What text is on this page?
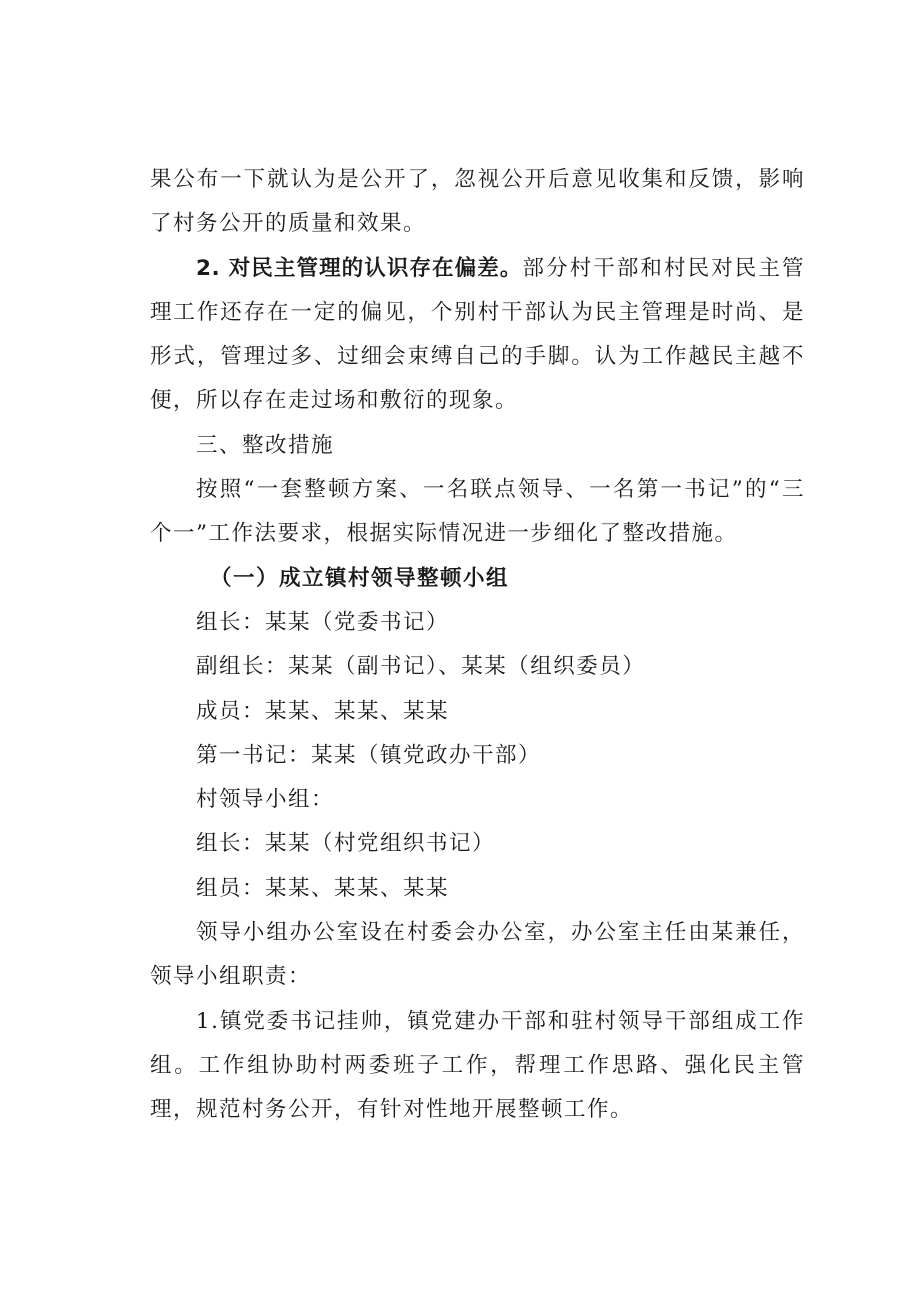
果公布一下就认为是公开了，忽视公开后意见收集和反馈，影响了村务公开的质量和效果。

2. 对民主管理的认识存在偏差。部分村干部和村民对民主管理工作还存在一定的偏见，个别村干部认为民主管理是时尚、是形式，管理过多、过细会束缚自己的手脚。认为工作越民主越不便，所以存在走过场和敷衍的现象。

三、整改措施

按照“一套整顿方案、一名联点领导、一名第一书记”的“三个一”工作法要求，根据实际情况进一步细化了整改措施。

（一）成立镇村领导整顿小组

组长：某某（党委书记）

副组长：某某（副书记）、某某（组织委员）

成员：某某、某某、某某

第一书记：某某（镇党政办干部）

村领导小组：

组长：某某（村党组织书记）

组员：某某、某某、某某

领导小组办公室设在村委会办公室，办公室主任由某兼任，领导小组职责：

1.镇党委书记挂帅，镇党建办干部和驻村领导干部组成工作组。工作组协助村两委班子工作，帮理工作思路、强化民主管理，规范村务公开，有针对性地开展整顿工作。
